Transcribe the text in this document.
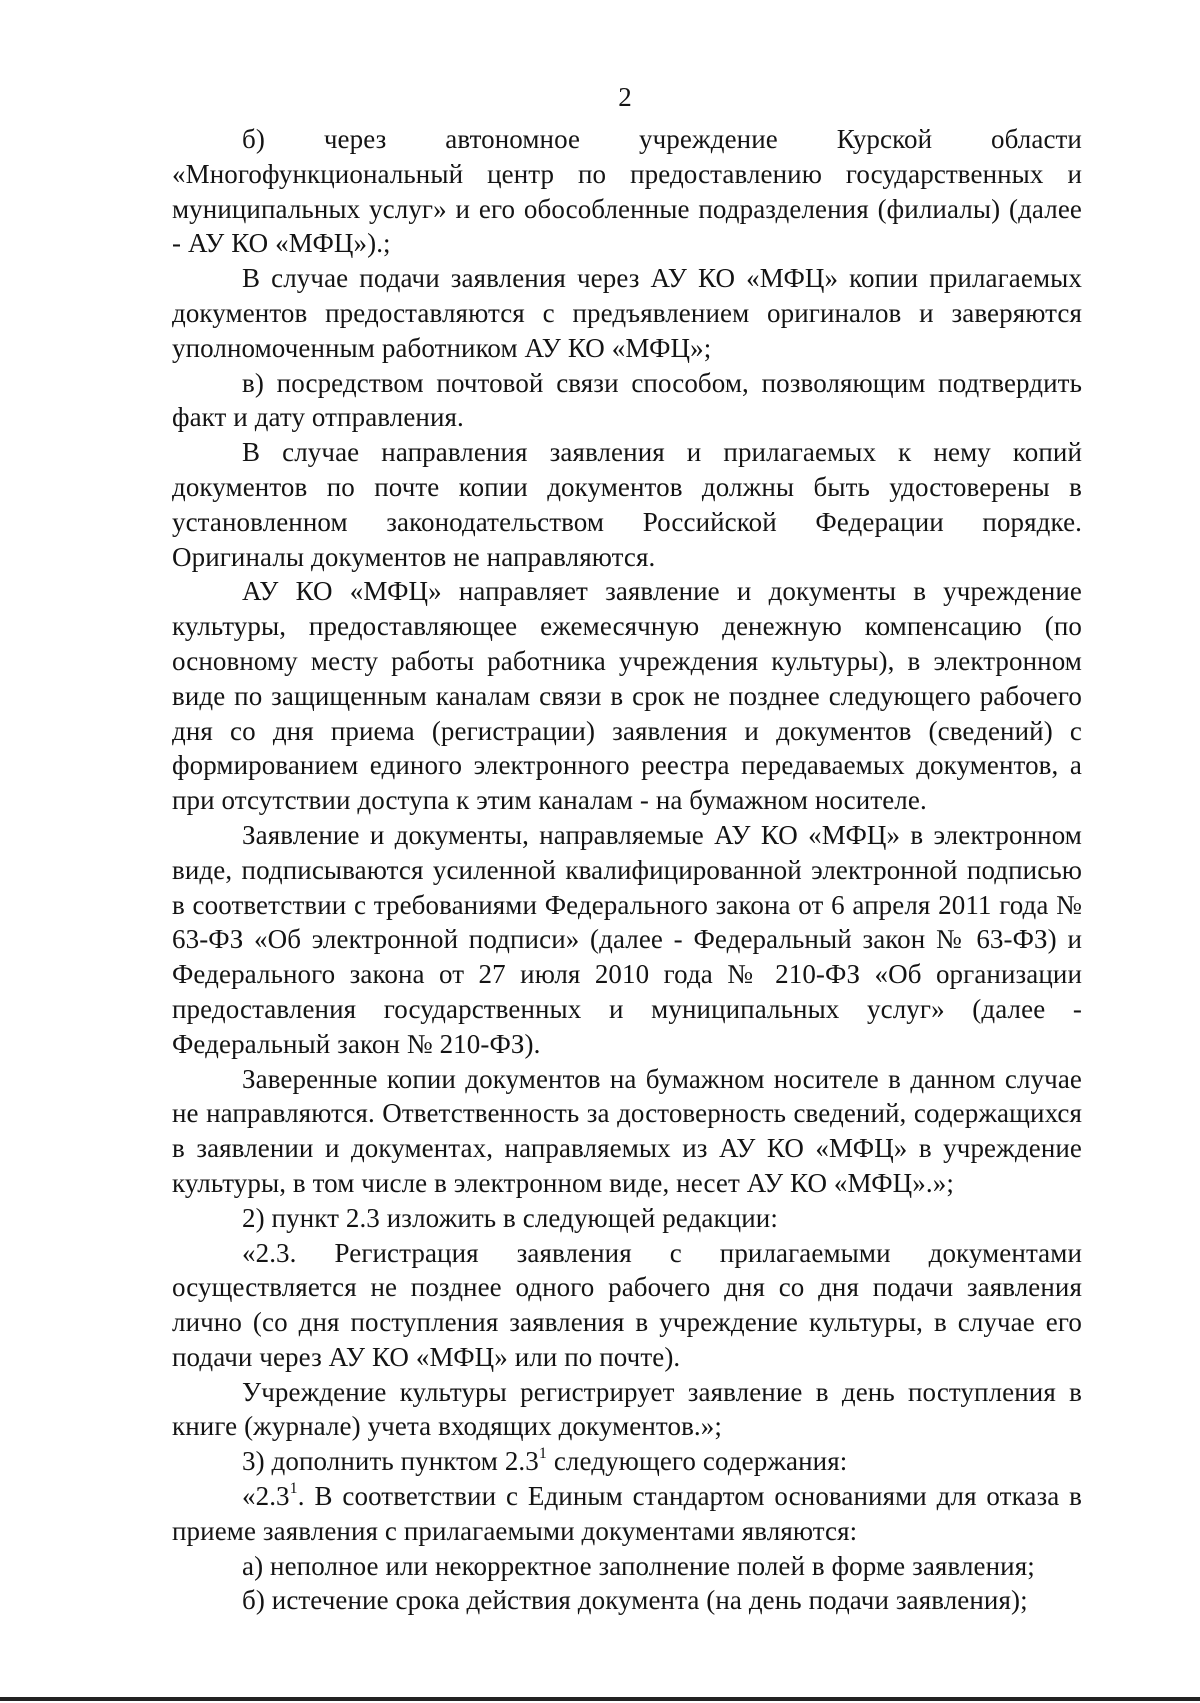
2

б) через автономное учреждение Курской области «Многофункциональный центр по предоставлению государственных и муниципальных услуг» и его обособленные подразделения (филиалы) (далее - АУ КО «МФЦ»).;

В случае подачи заявления через АУ КО «МФЦ» копии прилагаемых документов предоставляются с предъявлением оригиналов и заверяются уполномоченным работником АУ КО «МФЦ»;

в) посредством почтовой связи способом, позволяющим подтвердить факт и дату отправления.

В случае направления заявления и прилагаемых к нему копий документов по почте копии документов должны быть удостоверены в установленном законодательством Российской Федерации порядке. Оригиналы документов не направляются.

АУ КО «МФЦ» направляет заявление и документы в учреждение культуры, предоставляющее ежемесячную денежную компенсацию (по основному месту работы работника учреждения культуры), в электронном виде по защищенным каналам связи в срок не позднее следующего рабочего дня со дня приема (регистрации) заявления и документов (сведений) с формированием единого электронного реестра передаваемых документов, а при отсутствии доступа к этим каналам - на бумажном носителе.

Заявление и документы, направляемые АУ КО «МФЦ» в электронном виде, подписываются усиленной квалифицированной электронной подписью в соответствии с требованиями Федерального закона от 6 апреля 2011 года № 63-ФЗ «Об электронной подписи» (далее - Федеральный закон № 63-ФЗ) и Федерального закона от 27 июля 2010 года № 210-ФЗ «Об организации предоставления государственных и муниципальных услуг» (далее - Федеральный закон № 210-ФЗ).

Заверенные копии документов на бумажном носителе в данном случае не направляются. Ответственность за достоверность сведений, содержащихся в заявлении и документах, направляемых из АУ КО «МФЦ» в учреждение культуры, в том числе в электронном виде, несет АУ КО «МФЦ».»;

2) пункт 2.3 изложить в следующей редакции:

«2.3. Регистрация заявления с прилагаемыми документами осуществляется не позднее одного рабочего дня со дня подачи заявления лично (со дня поступления заявления в учреждение культуры, в случае его подачи через АУ КО «МФЦ» или по почте).

Учреждение культуры регистрирует заявление в день поступления в книге (журнале) учета входящих документов.»;

3) дополнить пунктом $2.3^1$ следующего содержания:

«$2.3^1$. В соответствии с Единым стандартом основаниями для отказа в приеме заявления с прилагаемыми документами являются:

а) неполное или некорректное заполнение полей в форме заявления;

б) истечение срока действия документа (на день подачи заявления);
